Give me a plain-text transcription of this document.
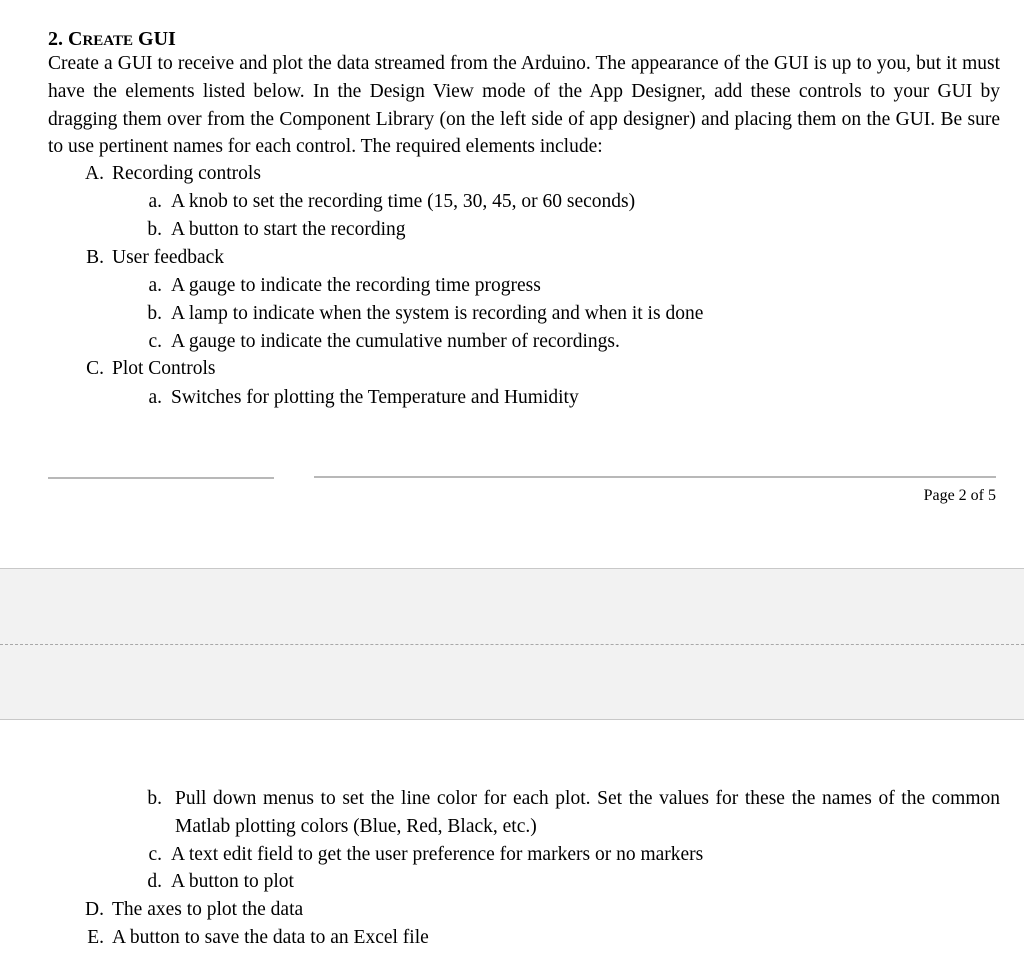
2. CREATE GUI
Create a GUI to receive and plot the data streamed from the Arduino. The appearance of the GUI is up to you, but it must have the elements listed below. In the Design View mode of the App Designer, add these controls to your GUI by dragging them over from the Component Library (on the left side of app designer) and placing them on the GUI. Be sure to use pertinent names for each control. The required elements include:
A. Recording controls
a. A knob to set the recording time (15, 30, 45, or 60 seconds)
b. A button to start the recording
B. User feedback
a. A gauge to indicate the recording time progress
b. A lamp to indicate when the system is recording and when it is done
c. A gauge to indicate the cumulative number of recordings.
C. Plot Controls
a. Switches for plotting the Temperature and Humidity
Page 2 of 5
b. Pull down menus to set the line color for each plot. Set the values for these the names of the common Matlab plotting colors (Blue, Red, Black, etc.)
c. A text edit field to get the user preference for markers or no markers
d. A button to plot
D. The axes to plot the data
E. A button to save the data to an Excel file
